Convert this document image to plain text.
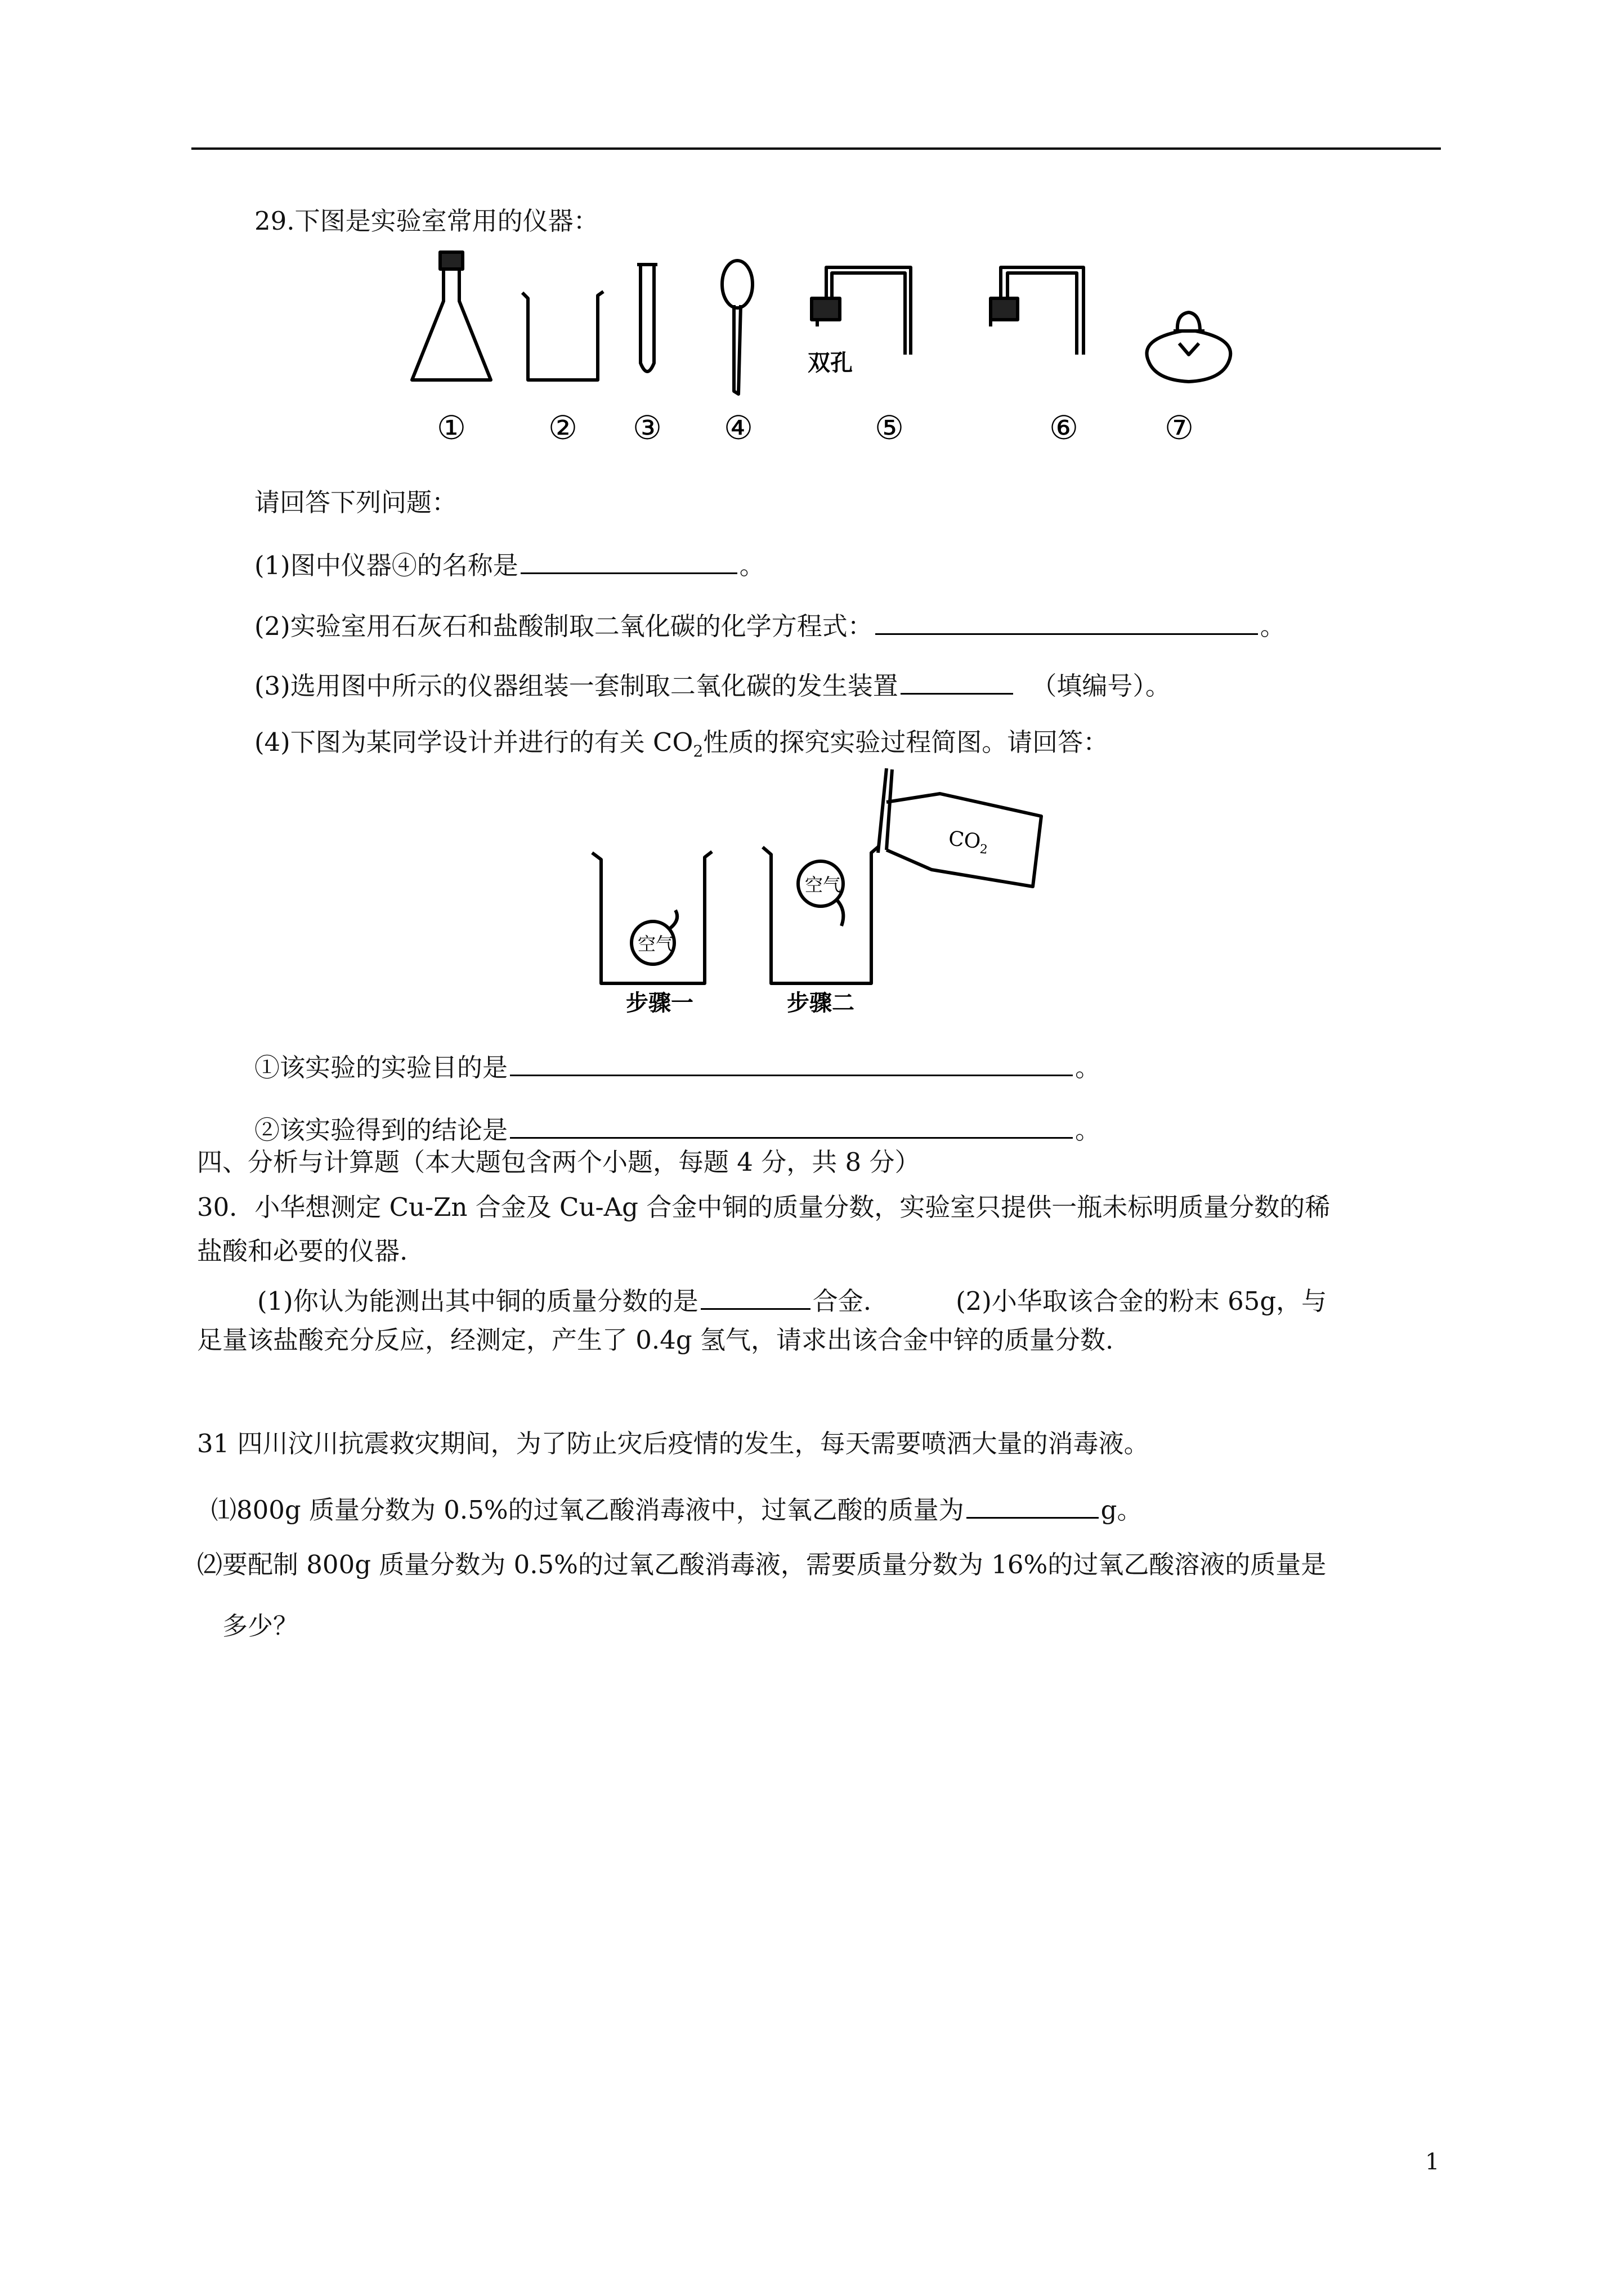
29.下图是实验室常用的仪器：
双孔
①	② ③ ④	⑤	⑥	⑦
请回答下列问题：
(1)图中仪器④的名称是	。
(2)实验室用石灰石和盐酸制取二氧化碳的化学方程式：	。
(3)选用图中所示的仪器组装一套制取二氧化碳的发生装置	（填编号）。
(4)下图为某同学设计并进行的有关 $CO_2$性质的探究实验过程简图。请回答：
空气
空气
$CO_2$
步骤一	步骤二
①该实验的实验目的是	。
②该实验得到的结论是	。
四、分析与计算题（本大题包含两个小题，每题 4 分，共 8 分）
30．小华想测定 Cu-Zn 合金及 Cu-Ag 合金中铜的质量分数，实验室只提供一瓶未标明质量分数的稀
盐酸和必要的仪器.
(1)你认为能测出其中铜的质量分数的是	合金.	(2)小华取该合金的粉末 65g，与
足量该盐酸充分反应，经测定，产生了 0.4g 氢气，请求出该合金中锌的质量分数.
31 四川汶川抗震救灾期间，为了防止灾后疫情的发生，每天需要喷洒大量的消毒液。
⑴800g 质量分数为 0.5%的过氧乙酸消毒液中，过氧乙酸的质量为	g。
⑵要配制 800g 质量分数为 0.5%的过氧乙酸消毒液，需要质量分数为 16%的过氧乙酸溶液的质量是
多少？
1
